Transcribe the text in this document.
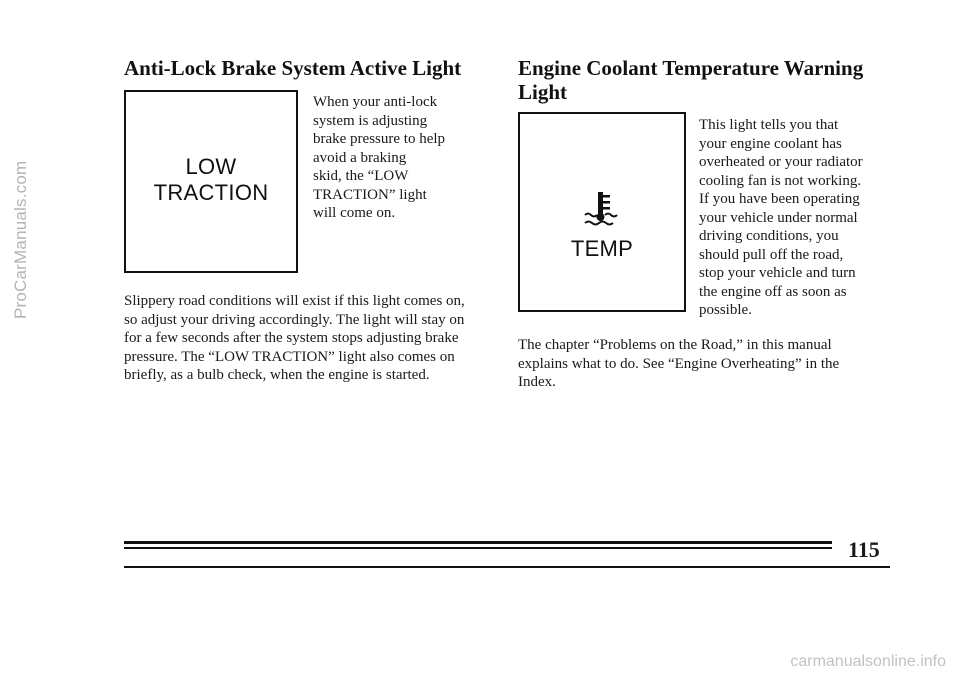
ProCarManuals.com
carmanualsonline.info
Anti-Lock Brake System Active Light
LOW
TRACTION

When your anti-lock

system is adjusting

brake pressure to help

avoid a braking

skid, the “LOW

TRACTION” light

will come on.

Slippery road conditions will exist if this light comes on,

so adjust your driving accordingly. The light will stay on

for a few seconds after the system stops adjusting brake

pressure. The “LOW TRACTION” light also comes on

briefly, as a bulb check, when the engine is started.

Engine Coolant Temperature Warning
Light
TEMP

This light tells you that

your engine coolant has

overheated or your radiator

cooling fan is not working.

If you have been operating

your vehicle under normal

driving conditions, you

should pull off the road,

stop your vehicle and turn

the engine off as soon as

possible.

The chapter “Problems on the Road,” in this manual

explains what to do. See “Engine Overheating” in the

Index.

115
